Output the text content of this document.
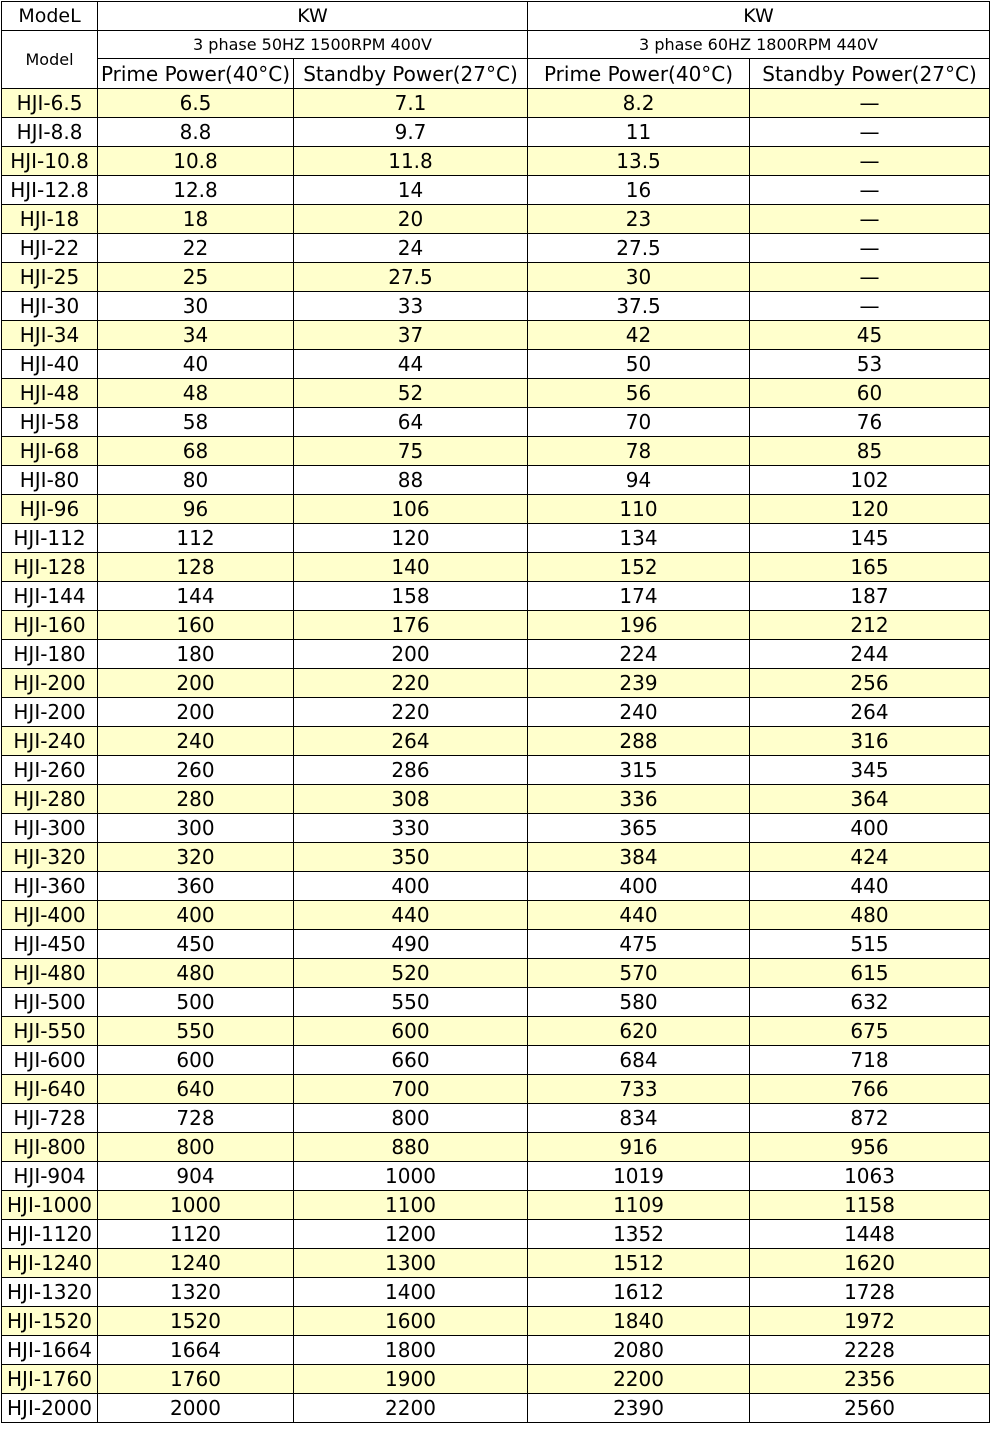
ModeL	KW		KW	
Model	3 phase 50HZ 1500RPM 400V		3 phase 60HZ 1800RPM 440V	
	Prime Power(40°C)	Standby Power(27°C)	Prime Power(40°C)	Standby Power(27°C)
HJI-6.5	6.5	7.1	8.2	—
HJI-8.8	8.8	9.7	11	—
HJI-10.8	10.8	11.8	13.5	—
HJI-12.8	12.8	14	16	—
HJI-18	18	20	23	—
HJI-22	22	24	27.5	—
HJI-25	25	27.5	30	—
HJI-30	30	33	37.5	—
HJI-34	34	37	42	45
HJI-40	40	44	50	53
HJI-48	48	52	56	60
HJI-58	58	64	70	76
HJI-68	68	75	78	85
HJI-80	80	88	94	102
HJI-96	96	106	110	120
HJI-112	112	120	134	145
HJI-128	128	140	152	165
HJI-144	144	158	174	187
HJI-160	160	176	196	212
HJI-180	180	200	224	244
HJI-200	200	220	239	256
HJI-200	200	220	240	264
HJI-240	240	264	288	316
HJI-260	260	286	315	345
HJI-280	280	308	336	364
HJI-300	300	330	365	400
HJI-320	320	350	384	424
HJI-360	360	400	400	440
HJI-400	400	440	440	480
HJI-450	450	490	475	515
HJI-480	480	520	570	615
HJI-500	500	550	580	632
HJI-550	550	600	620	675
HJI-600	600	660	684	718
HJI-640	640	700	733	766
HJI-728	728	800	834	872
HJI-800	800	880	916	956
HJI-904	904	1000	1019	1063
HJI-1000	1000	1100	1109	1158
HJI-1120	1120	1200	1352	1448
HJI-1240	1240	1300	1512	1620
HJI-1320	1320	1400	1612	1728
HJI-1520	1520	1600	1840	1972
HJI-1664	1664	1800	2080	2228
HJI-1760	1760	1900	2200	2356
HJI-2000	2000	2200	2390	2560
